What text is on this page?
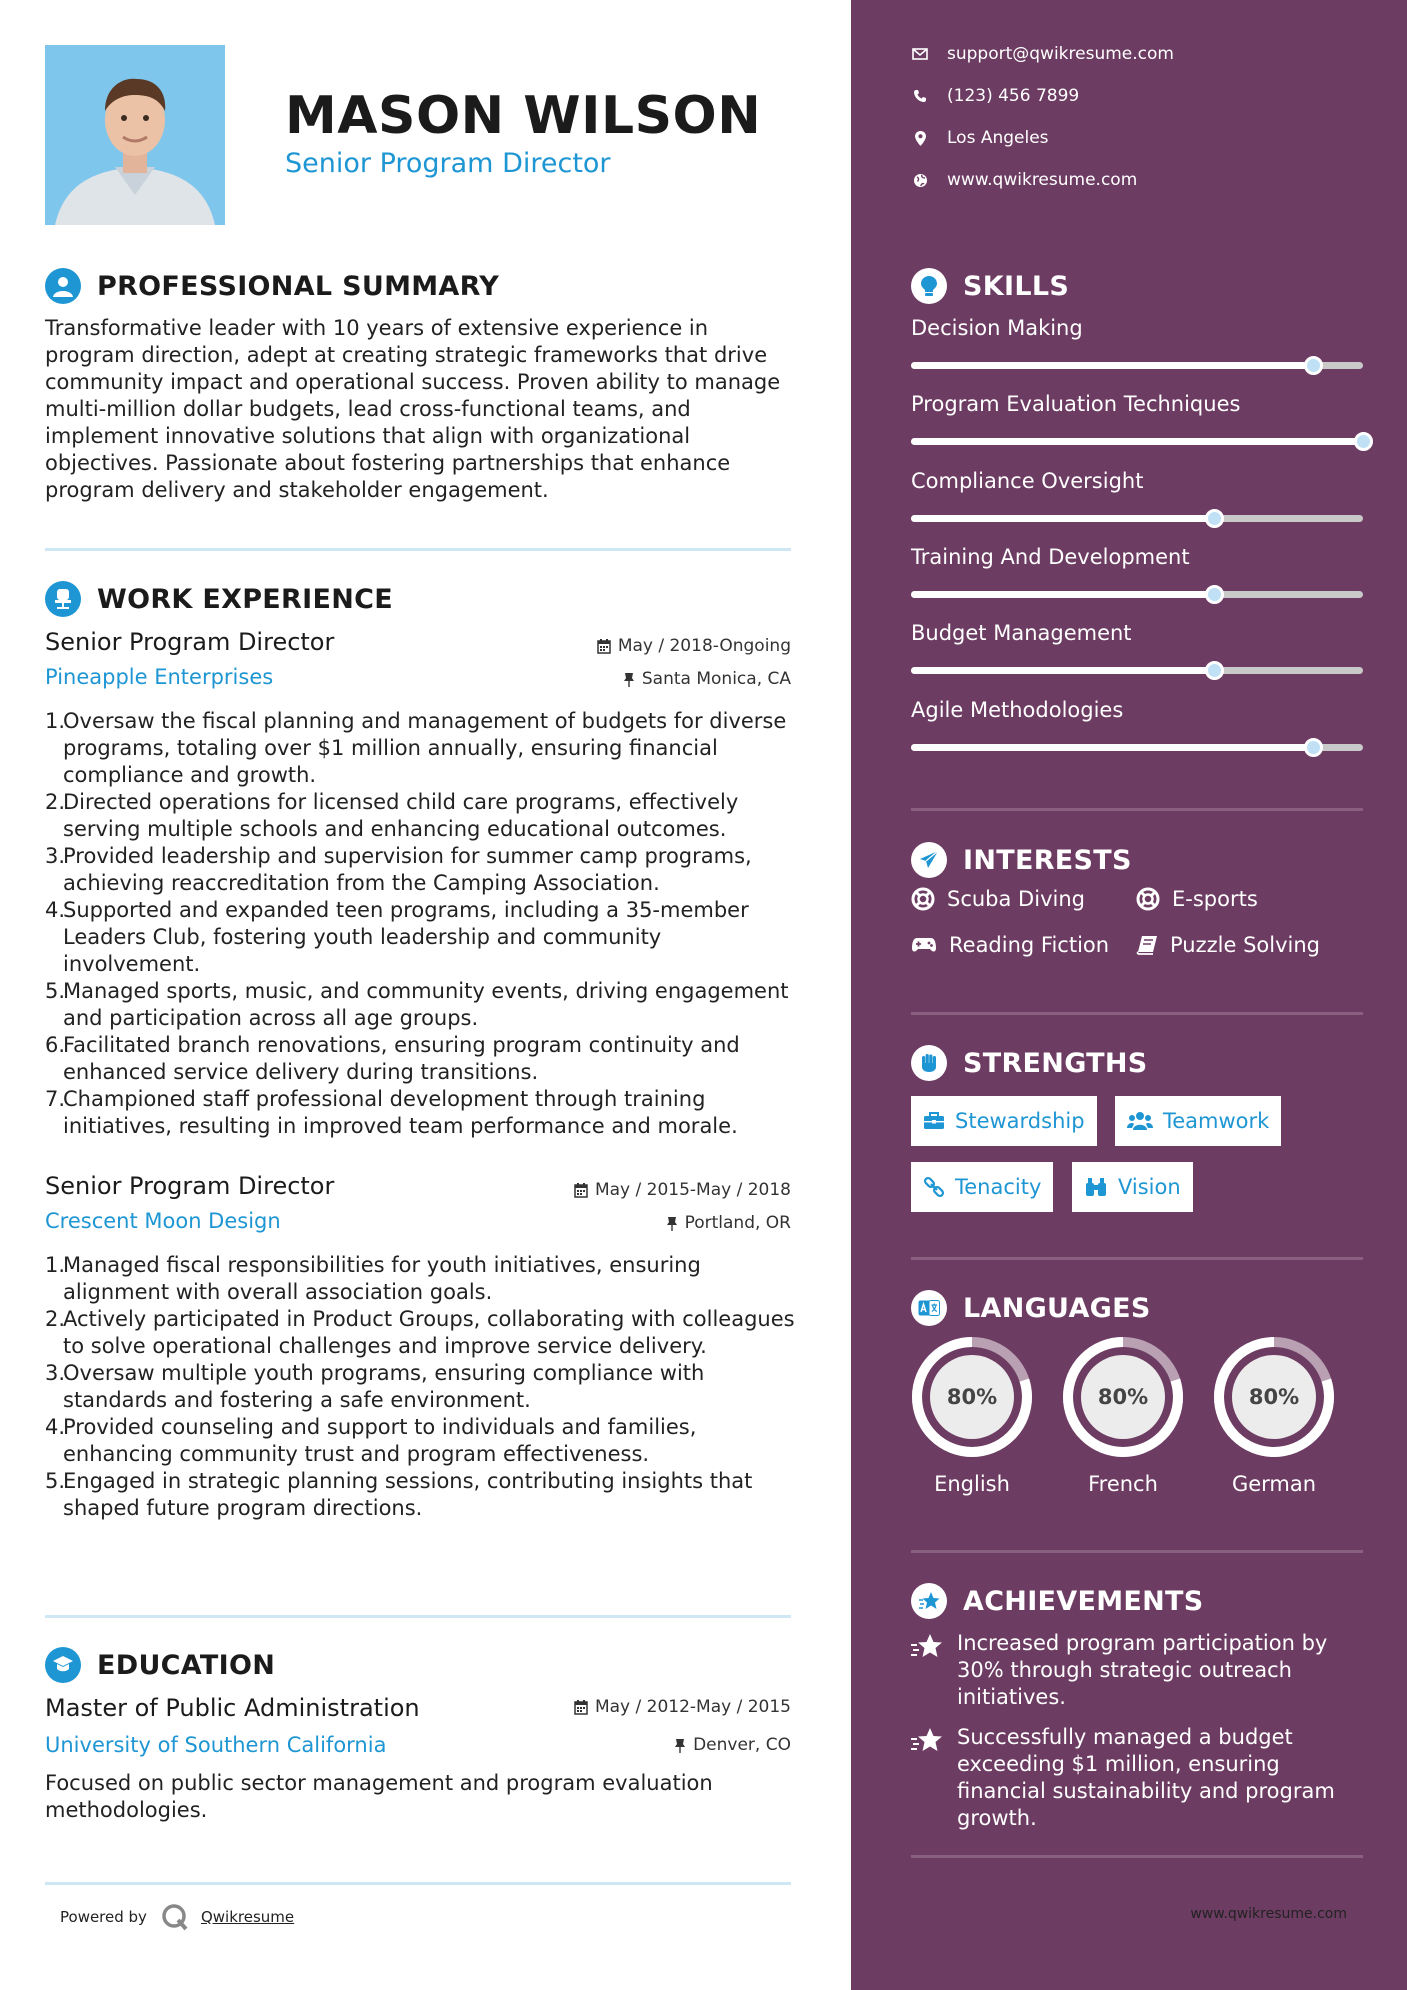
MASON WILSON
Senior Program Director
PROFESSIONAL SUMMARY
Transformative leader with 10 years of extensive experience in program direction, adept at creating strategic frameworks that drive community impact and operational success. Proven ability to manage multi-million dollar budgets, lead cross-functional teams, and implement innovative solutions that align with organizational objectives. Passionate about fostering partnerships that enhance program delivery and stakeholder engagement.
WORK EXPERIENCE
Senior Program Director	May / 2018-Ongoing
Pineapple Enterprises	Santa Monica, CA
Oversaw the fiscal planning and management of budgets for diverse programs, totaling over $1 million annually, ensuring financial compliance and growth.
Directed operations for licensed child care programs, effectively serving multiple schools and enhancing educational outcomes.
Provided leadership and supervision for summer camp programs, achieving reaccreditation from the Camping Association.
Supported and expanded teen programs, including a 35-member Leaders Club, fostering youth leadership and community involvement.
Managed sports, music, and community events, driving engagement and participation across all age groups.
Facilitated branch renovations, ensuring program continuity and enhanced service delivery during transitions.
Championed staff professional development through training initiatives, resulting in improved team performance and morale.
Senior Program Director	May / 2015-May / 2018
Crescent Moon Design	Portland, OR
Managed fiscal responsibilities for youth initiatives, ensuring alignment with overall association goals.
Actively participated in Product Groups, collaborating with colleagues to solve operational challenges and improve service delivery.
Oversaw multiple youth programs, ensuring compliance with standards and fostering a safe environment.
Provided counseling and support to individuals and families, enhancing community trust and program effectiveness.
Engaged in strategic planning sessions, contributing insights that shaped future program directions.
EDUCATION
Master of Public Administration	May / 2012-May / 2015
University of Southern California	Denver, CO
Focused on public sector management and program evaluation methodologies.
Powered by	Qwikresume
support@qwikresume.com
(123) 456 7899
Los Angeles
www.qwikresume.com
SKILLS
Decision Making
Program Evaluation Techniques
Compliance Oversight
Training And Development
Budget Management
Agile Methodologies
INTERESTS
Scuba Diving	E-sports
Reading Fiction	Puzzle Solving
STRENGTHS
Stewardship	Teamwork
Tenacity	Vision
LANGUAGES
80%
English
80%
French
80%
German
ACHIEVEMENTS
Increased program participation by 30% through strategic outreach initiatives.
Successfully managed a budget exceeding $1 million, ensuring financial sustainability and program growth.
www.qwikresume.com
